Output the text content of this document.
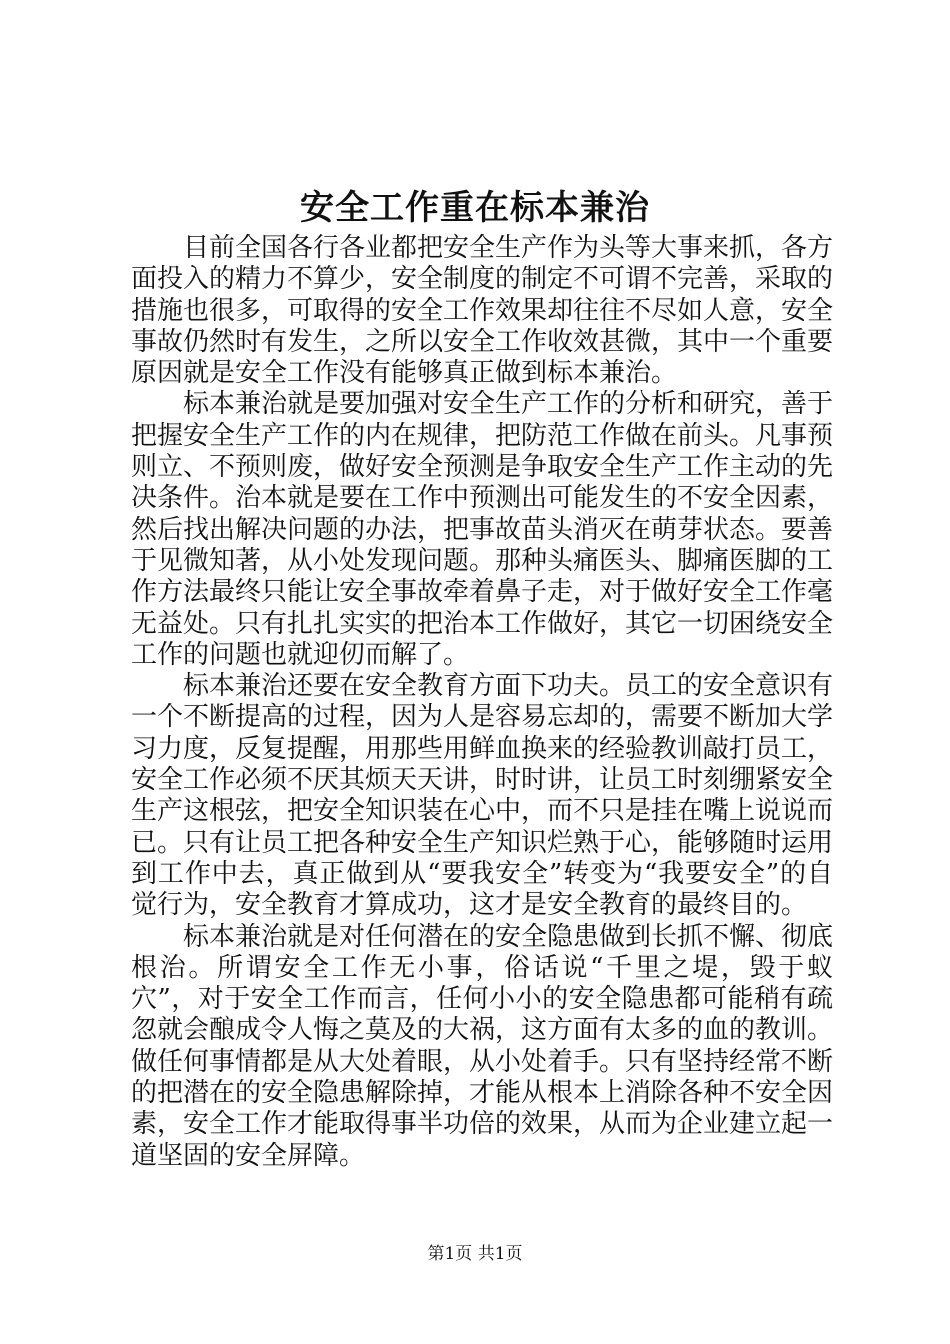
安全工作重在标本兼治

目前全国各行各业都把安全生产作为头等大事来抓，各方面投入的精力不算少，安全制度的制定不可谓不完善，采取的措施也很多，可取得的安全工作效果却往往不尽如人意，安全事故仍然时有发生，之所以安全工作收效甚微，其中一个重要原因就是安全工作没有能够真正做到标本兼治。

标本兼治就是要加强对安全生产工作的分析和研究，善于把握安全生产工作的内在规律，把防范工作做在前头。凡事预则立、不预则废，做好安全预测是争取安全生产工作主动的先决条件。治本就是要在工作中预测出可能发生的不安全因素，然后找出解决问题的办法，把事故苗头消灭在萌芽状态。要善于见微知著，从小处发现问题。那种头痛医头、脚痛医脚的工作方法最终只能让安全事故牵着鼻子走，对于做好安全工作毫无益处。只有扎扎实实的把治本工作做好，其它一切困绕安全工作的问题也就迎仞而解了。

标本兼治还要在安全教育方面下功夫。员工的安全意识有一个不断提高的过程，因为人是容易忘却的，需要不断加大学习力度，反复提醒，用那些用鲜血换来的经验教训敲打员工，安全工作必须不厌其烦天天讲，时时讲，让员工时刻绷紧安全生产这根弦，把安全知识装在心中，而不只是挂在嘴上说说而已。只有让员工把各种安全生产知识烂熟于心，能够随时运用到工作中去，真正做到从“要我安全”转变为“我要安全”的自觉行为，安全教育才算成功，这才是安全教育的最终目的。

标本兼治就是对任何潜在的安全隐患做到长抓不懈、彻底根治。所谓安全工作无小事，俗话说“千里之堤，毁于蚁穴”，对于安全工作而言，任何小小的安全隐患都可能稍有疏忽就会酿成令人悔之莫及的大祸，这方面有太多的血的教训。做任何事情都是从大处着眼，从小处着手。只有坚持经常不断的把潜在的安全隐患解除掉，才能从根本上消除各种不安全因素，安全工作才能取得事半功倍的效果，从而为企业建立起一道坚固的安全屏障。

第1页 共1页
